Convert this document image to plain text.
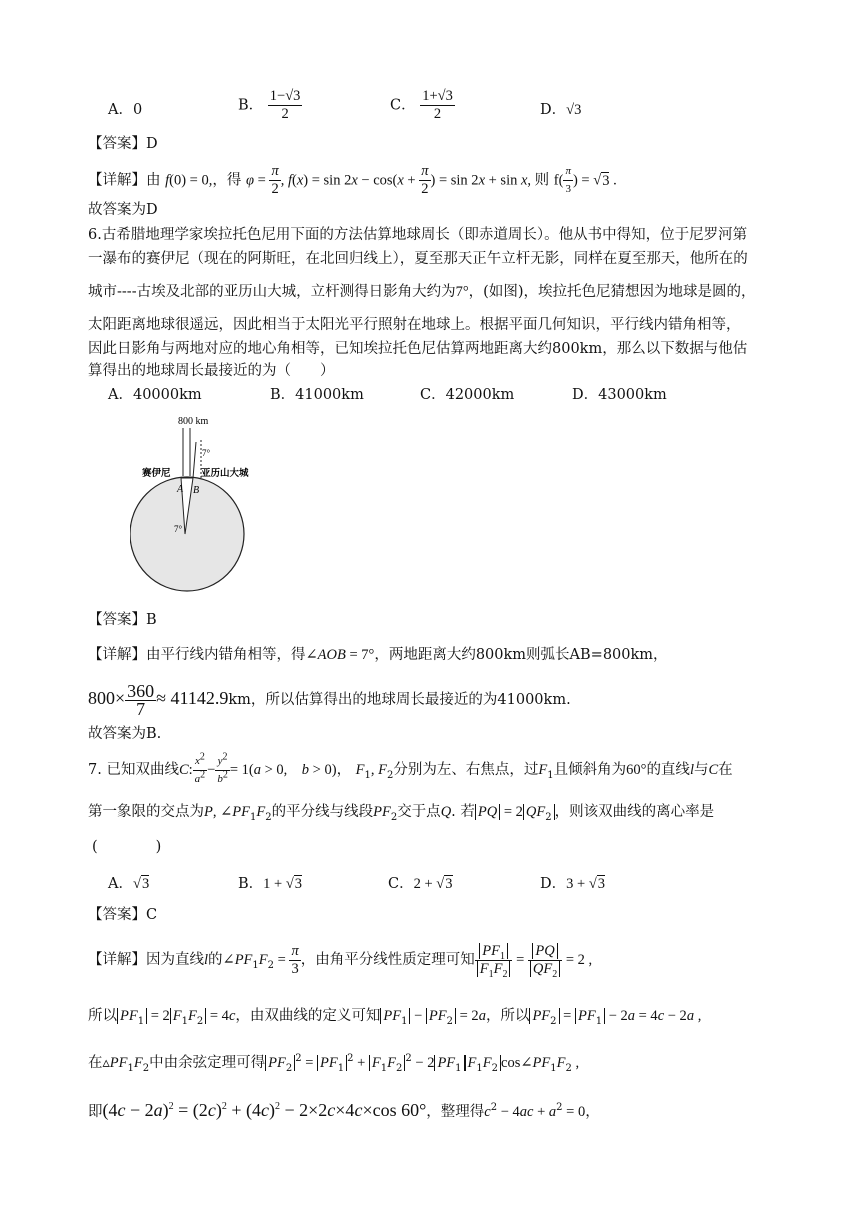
A．0	B． $\frac{1-√3}{2}$	C． $\frac{1+√3}{2}$	D．√3
【答案】D
【详解】由 f(0) = 0,，得 $\varphi = \frac{\pi}{2}$ , $f(x) = \sin 2x - \cos(x + \frac{\pi}{2}$ ) = sin 2x + sin x, 则 $f( \frac{\pi}{3}$ ) = √3 .
故答案为D
6.古希腊地理学家埃拉托色尼用下面的方法估算地球周长（即赤道周长）。他从书中得知，位于尼罗河第
一瀑布的赛伊尼（现在的阿斯旺，在北回归线上），夏至那天正午立杆无影，同样在夏至那天，他所在的
城市----古埃及北部的亚历山大城，立杆测得日影角大约为7°，(如图)，埃拉托色尼猜想因为地球是圆的，
太阳距离地球很遥远，因此相当于太阳光平行照射在地球上。根据平面几何知识，平行线内错角相等，
因此日影角与两地对应的地心角相等，已知埃拉托色尼估算两地距离大约800km，那么以下数据与他估
算得出的地球周长最接近的为（　　）
A．40000km	B．41000km	C．42000km	D．43000km
800 km
7°
赛伊尼	亚历山大城
A B
7°
【答案】B
【详解】由平行线内错角相等，得∠AOB = 7°，两地距离大约800km则弧长AB=800km，
$800\times \frac{360}{7} \approx 41142.9km$，所以估算得出的地球周长最接近的为41000km.
故答案为B.
7. 已知双曲线C: $\frac{x^2}{a^2} - \frac{y^2}{b^2} = 1(a > 0$,　b > 0)， $F_1$, $F_2$分别为左、右焦点，过$F_1$且倾斜角为60°的直线l与C在
第一象限的交点为P, $\angle PF_1F_2$的平分线与线段$PF_2$交于点Q. 若 PQ = 2 $QF_2$ ，则该双曲线的离心率是
(　　　　)
A．√3	B．1 + √3	C．2 + √3	D．3 + √3
【答案】C
【详解】因为直线l的$\angle PF_1F_2 = \frac{\pi}{3}$ ，由角平分线性质定理可知 $\frac{PF_1}{F_1F_2} = \frac{PQ}{QF_2} = 2$ ,
所以 $PF_1 = 2$ $F_1F_2 = 4c$，由双曲线的定义可知 $PF_1 - PF_2 = 2a$，所以 $PF_2 = PF_1 - 2a = 4c - 2a$ ,
在$▵PF_1F_2$中由余弦定理可得 $PF_2^2 = PF_1^2 + F_1F_2^2 - 2$ $PF_1$ $F_1F_2$ $\cos\angle PF_1F_2$ ,
即$(4c - 2a)^2 = (2c)^2 + (4c)^2 - 2\times 2c\times 4c\times\cos$ 60°，整理得$c^2 - 4ac + a^2 = 0$，
